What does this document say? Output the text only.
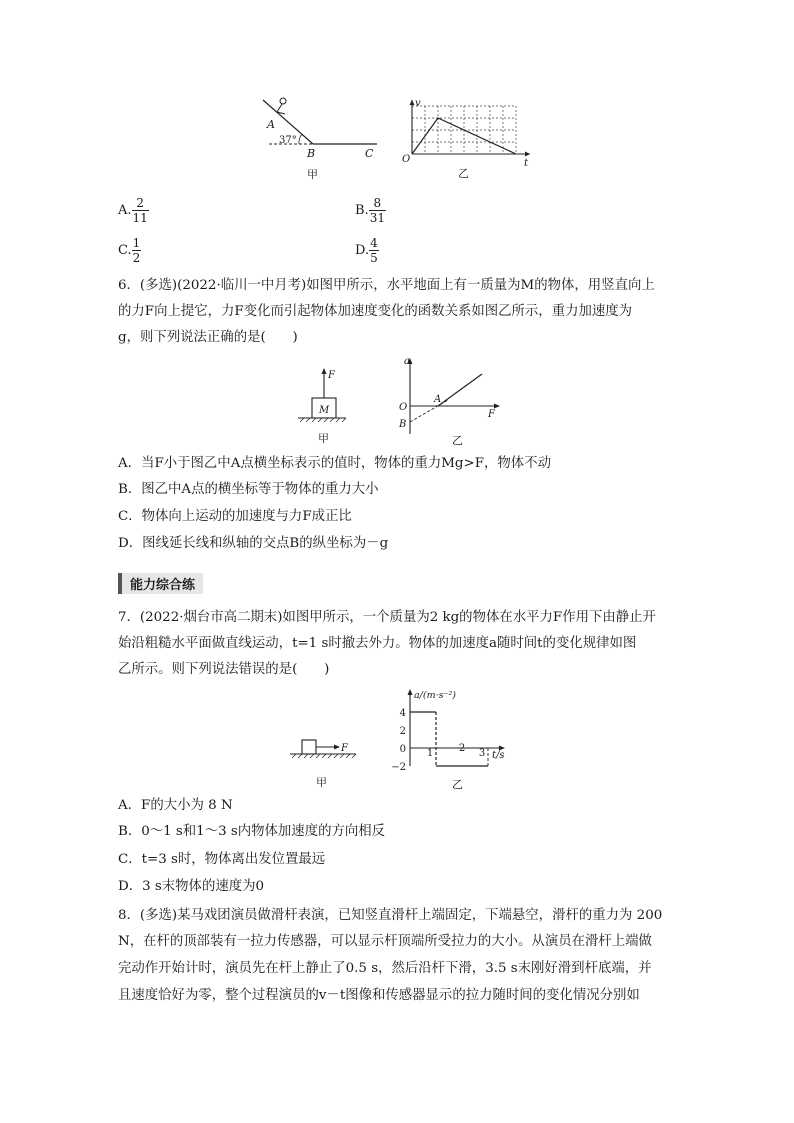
A
37°
B	C
甲
v
t
O
乙
A. $\frac{2}{11}$	B. $\frac{8}{31}$
C. $\frac{1}{2}$	D. $\frac{4}{5}$
6．(多选)(2022·临川一中月考)如图甲所示，水平地面上有一质量为M的物体，用竖直向上
的力F向上提它，力F变化而引起物体加速度变化的函数关系如图乙所示，重力加速度为
g，则下列说法正确的是(　　)
F
M
甲
a
F
O
A
B
乙
A．当F小于图乙中A点横坐标表示的值时，物体的重力Mg>F，物体不动
B．图乙中A点的横坐标等于物体的重力大小
C．物体向上运动的加速度与力F成正比
D．图线延长线和纵轴的交点B的纵坐标为－g
能力综合练
7．(2022·烟台市高二期末)如图甲所示，一个质量为2 kg的物体在水平力F作用下由静止开
始沿粗糙水平面做直线运动，t=1 s时撤去外力。物体的加速度a随时间t的变化规律如图
乙所示。则下列说法错误的是(　　)
F
甲
a/(m·s⁻²)
t/s
乙
4
2
0
−2
1	2 3
A．F的大小为 8 N
B．0～1 s和1～3 s内物体加速度的方向相反
C．t=3 s时，物体离出发位置最远
D．3 s末物体的速度为0
8．(多选)某马戏团演员做滑杆表演，已知竖直滑杆上端固定，下端悬空，滑杆的重力为 200
N，在杆的顶部装有一拉力传感器，可以显示杆顶端所受拉力的大小。从演员在滑杆上端做
完动作开始计时，演员先在杆上静止了0.5 s，然后沿杆下滑，3.5 s末刚好滑到杆底端，并
且速度恰好为零，整个过程演员的v－t图像和传感器显示的拉力随时间的变化情况分别如
